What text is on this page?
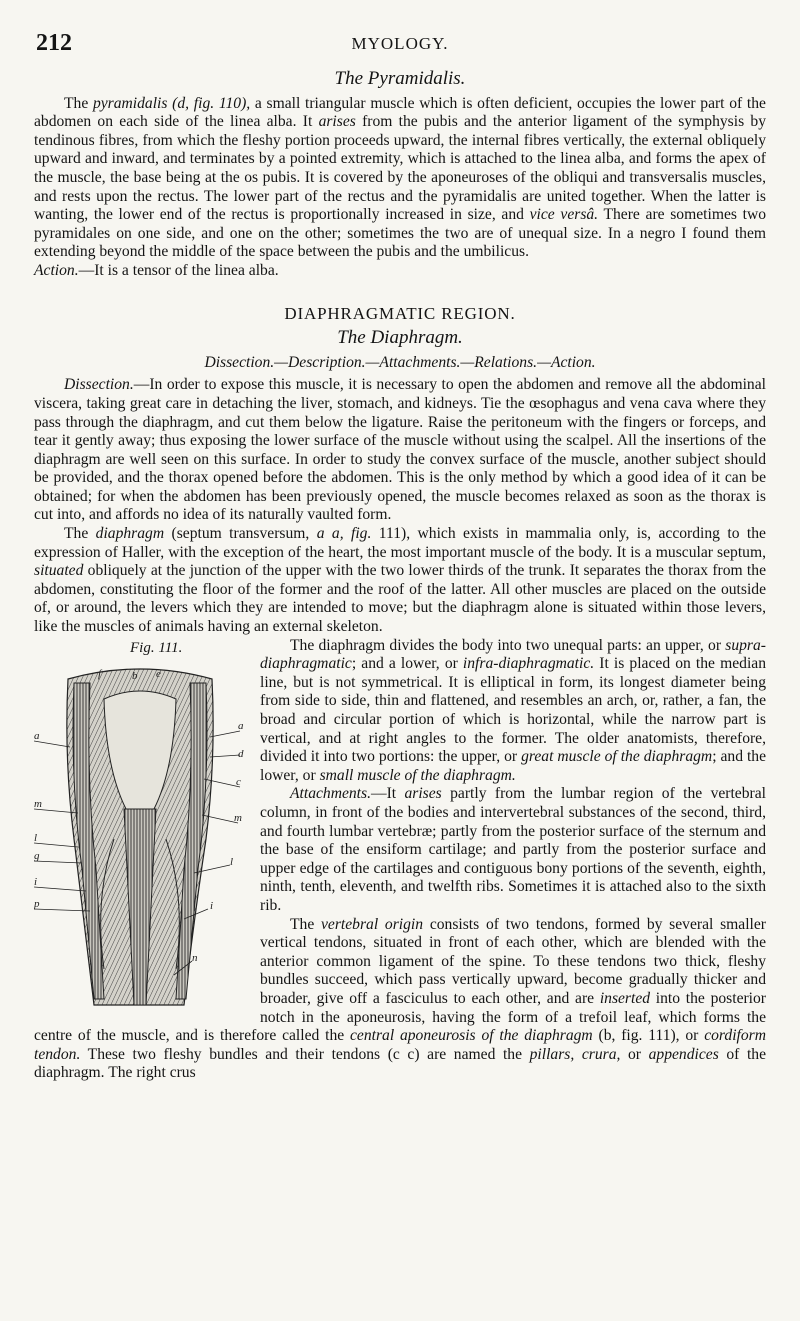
212	MYOLOGY.
The Pyramidalis.

The pyramidalis (d, fig. 110), a small triangular muscle which is often deficient, occupies the lower part of the abdomen on each side of the linea alba. It arises from the pubis and the anterior ligament of the symphysis by tendinous fibres, from which the fleshy portion proceeds upward, the internal fibres vertically, the external obliquely upward and inward, and terminates by a pointed extremity, which is attached to the linea alba, and forms the apex of the muscle, the base being at the os pubis. It is covered by the aponeuroses of the obliqui and transversalis muscles, and rests upon the rectus. The lower part of the rectus and the pyramidalis are united together. When the latter is wanting, the lower end of the rectus is proportionally increased in size, and vice versâ. There are sometimes two pyramidales on one side, and one on the other; sometimes the two are of unequal size. In a negro I found them extending beyond the middle of the space between the pubis and the umbilicus.

Action.—It is a tensor of the linea alba.

DIAPHRAGMATIC REGION.
The Diaphragm.
Dissection.—Description.—Attachments.—Relations.—Action.

Dissection.—In order to expose this muscle, it is necessary to open the abdomen and remove all the abdominal viscera, taking great care in detaching the liver, stomach, and kidneys. Tie the œsophagus and vena cava where they pass through the diaphragm, and cut them below the ligature. Raise the peritoneum with the fingers or forceps, and tear it gently away; thus exposing the lower surface of the muscle without using the scalpel. All the insertions of the diaphragm are well seen on this surface. In order to study the convex surface of the muscle, another subject should be provided, and the thorax opened before the abdomen. This is the only method by which a good idea of it can be obtained; for when the abdomen has been previously opened, the muscle becomes relaxed as soon as the thorax is cut into, and affords no idea of its naturally vaulted form.

The diaphragm (septum transversum, a a, fig. 111), which exists in mammalia only, is, according to the expression of Haller, with the exception of the heart, the most important muscle of the body. It is a muscular septum, situated obliquely at the junction of the upper with the two lower thirds of the trunk. It separates the thorax from the abdomen, constituting the floor of the former and the roof of the latter. All other muscles are placed on the outside of, or around, the levers which they are intended to move; but the diaphragm alone is situated within those levers, like the muscles of animals having an external skeleton.

Fig. 111.
f	b e
a
a
d
c
m
m
l
l
g
i
i
p
n

The diaphragm divides the body into two unequal parts: an upper, or supra-diaphragmatic; and a lower, or infra-diaphragmatic. It is placed on the median line, but is not symmetrical. It is elliptical in form, its longest diameter being from side to side, thin and flattened, and resembles an arch, or, rather, a fan, the broad and circular portion of which is horizontal, while the narrow part is vertical, and at right angles to the former. The older anatomists, therefore, divided it into two portions: the upper, or great muscle of the diaphragm; and the lower, or small muscle of the diaphragm.

Attachments.—It arises partly from the lumbar region of the vertebral column, in front of the bodies and intervertebral substances of the second, third, and fourth lumbar vertebræ; partly from the posterior surface of the sternum and the base of the ensiform cartilage; and partly from the posterior surface and upper edge of the cartilages and contiguous bony portions of the seventh, eighth, ninth, tenth, eleventh, and twelfth ribs. Sometimes it is attached also to the sixth rib.

The vertebral origin consists of two tendons, formed by several smaller vertical tendons, situated in front of each other, which are blended with the anterior common ligament of the spine. To these tendons two thick, fleshy bundles succeed, which pass vertically upward, become gradually thicker and broader, give off a fasciculus to each other, and are inserted into the posterior notch in the aponeurosis, having the form of a trefoil leaf, which forms the centre of the muscle, and is therefore called the central aponeurosis of the diaphragm (b, fig. 111), or cordiform tendon. These two fleshy bundles and their tendons (c c) are named the pillars, crura, or appendices of the diaphragm. The right crus
